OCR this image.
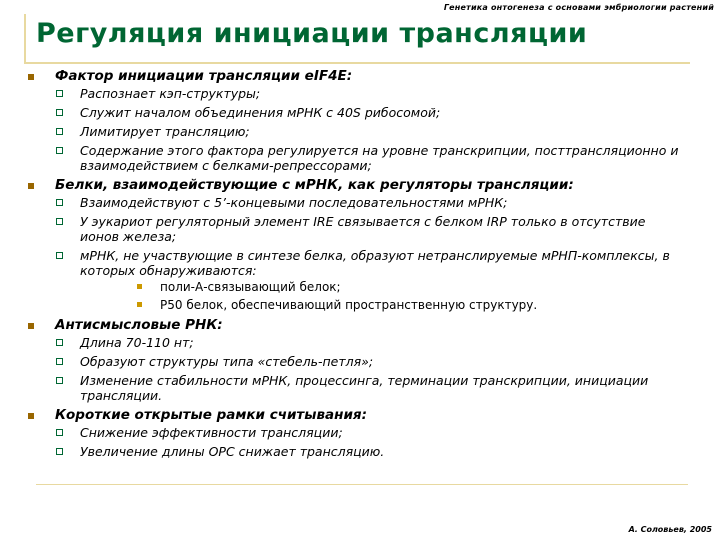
Генетика онтогенеза с основами эмбриологии растений
Регуляция инициации трансляции
Фактор инициации трансляции eIF4E:
Распознает кэп-структуры;
Служит началом объединения мРНК с 40S рибосомой;
Лимитирует трансляцию;
Содержание этого фактора регулируется на уровне транскрипции, посттрансляционно и взаимодействием с белками-репрессорами;
Белки, взаимодействующие с мРНК, как регуляторы трансляции:
Взаимодействуют с 5’-концевыми последовательностями мРНК;
У эукариот регуляторный элемент IRE связывается с белком IRP только в отсутствие ионов железа;
мРНК, не участвующие в синтезе белка, образуют нетранслируемые мРНП-комплексы, в которых обнаруживаются:
поли-А-связывающий белок;
Р50 белок, обеспечивающий пространственную структуру.
Антисмысловые РНК:
Длина 70-110 нт;
Образуют структуры типа «стебель-петля»;
Изменение стабильности мРНК, процессинга, терминации транскрипции, инициации трансляции.
Короткие открытые рамки считывания:
Снижение эффективности трансляции;
Увеличение длины ОРС снижает трансляцию.
А. Соловьев, 2005
